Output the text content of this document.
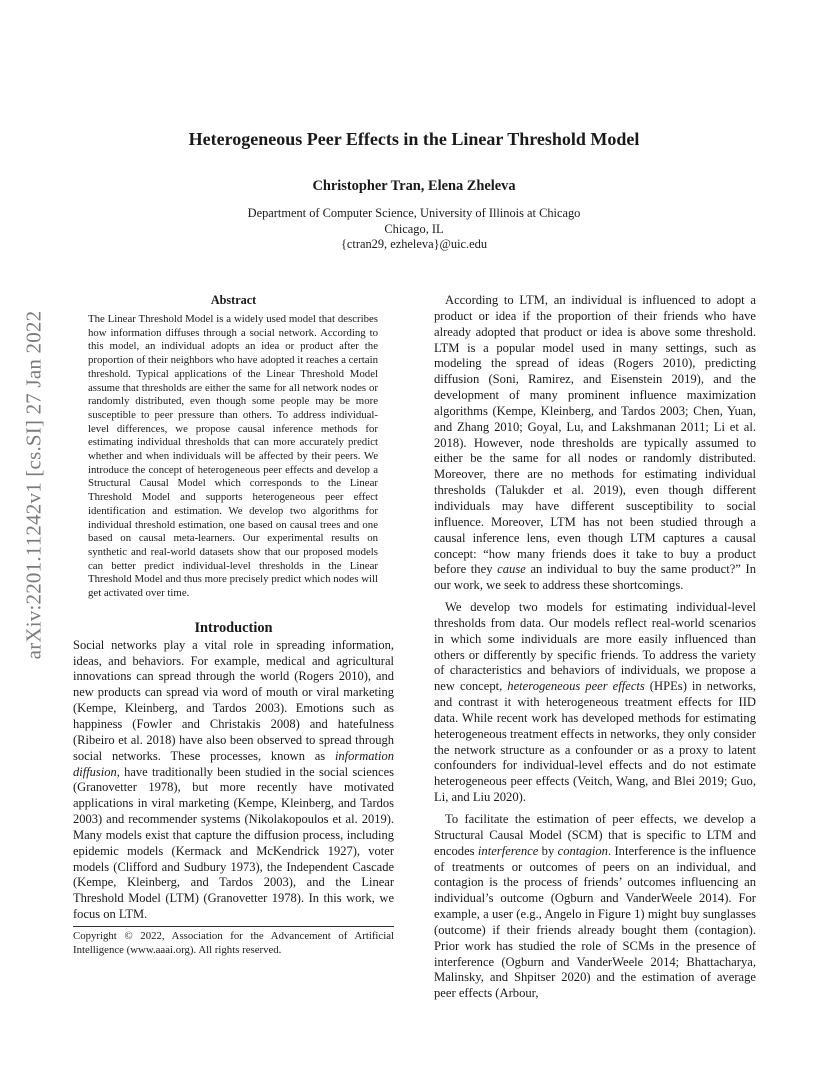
arXiv:2201.11242v1 [cs.SI] 27 Jan 2022
Heterogeneous Peer Effects in the Linear Threshold Model
Christopher Tran, Elena Zheleva
Department of Computer Science, University of Illinois at Chicago
Chicago, IL
{ctran29, ezheleva}@uic.edu
Abstract

The Linear Threshold Model is a widely used model that describes how information diffuses through a social network. According to this model, an individual adopts an idea or product after the proportion of their neighbors who have adopted it reaches a certain threshold. Typical applications of the Linear Threshold Model assume that thresholds are either the same for all network nodes or randomly distributed, even though some people may be more susceptible to peer pressure than others. To address individual-level differences, we propose causal inference methods for estimating individual thresholds that can more accurately predict whether and when individuals will be affected by their peers. We introduce the concept of heterogeneous peer effects and develop a Structural Causal Model which corresponds to the Linear Threshold Model and supports heterogeneous peer effect identification and estimation. We develop two algorithms for individual threshold estimation, one based on causal trees and one based on causal meta-learners. Our experimental results on synthetic and real-world datasets show that our proposed models can better predict individual-level thresholds in the Linear Threshold Model and thus more precisely predict which nodes will get activated over time.

Introduction

Social networks play a vital role in spreading information, ideas, and behaviors. For example, medical and agricultural innovations can spread through the world (Rogers 2010), and new products can spread via word of mouth or viral marketing (Kempe, Kleinberg, and Tardos 2003). Emotions such as happiness (Fowler and Christakis 2008) and hatefulness (Ribeiro et al. 2018) have also been observed to spread through social networks. These processes, known as information diffusion, have traditionally been studied in the social sciences (Granovetter 1978), but more recently have motivated applications in viral marketing (Kempe, Kleinberg, and Tardos 2003) and recommender systems (Nikolakopoulos et al. 2019). Many models exist that capture the diffusion process, including epidemic models (Kermack and McKendrick 1927), voter models (Clifford and Sudbury 1973), the Independent Cascade (Kempe, Kleinberg, and Tardos 2003), and the Linear Threshold Model (LTM) (Granovetter 1978). In this work, we focus on LTM.

Copyright © 2022, Association for the Advancement of Artificial Intelligence (www.aaai.org). All rights reserved.

According to LTM, an individual is influenced to adopt a product or idea if the proportion of their friends who have already adopted that product or idea is above some threshold. LTM is a popular model used in many settings, such as modeling the spread of ideas (Rogers 2010), predicting diffusion (Soni, Ramirez, and Eisenstein 2019), and the development of many prominent influence maximization algorithms (Kempe, Kleinberg, and Tardos 2003; Chen, Yuan, and Zhang 2010; Goyal, Lu, and Lakshmanan 2011; Li et al. 2018). However, node thresholds are typically assumed to either be the same for all nodes or randomly distributed. Moreover, there are no methods for estimating individual thresholds (Talukder et al. 2019), even though different individuals may have different susceptibility to social influence. Moreover, LTM has not been studied through a causal inference lens, even though LTM captures a causal concept: “how many friends does it take to buy a product before they cause an individual to buy the same product?” In our work, we seek to address these shortcomings.

We develop two models for estimating individual-level thresholds from data. Our models reflect real-world scenarios in which some individuals are more easily influenced than others or differently by specific friends. To address the variety of characteristics and behaviors of individuals, we propose a new concept, heterogeneous peer effects (HPEs) in networks, and contrast it with heterogeneous treatment effects for IID data. While recent work has developed methods for estimating heterogeneous treatment effects in networks, they only consider the network structure as a confounder or as a proxy to latent confounders for individual-level effects and do not estimate heterogeneous peer effects (Veitch, Wang, and Blei 2019; Guo, Li, and Liu 2020).

To facilitate the estimation of peer effects, we develop a Structural Causal Model (SCM) that is specific to LTM and encodes interference by contagion. Interference is the influence of treatments or outcomes of peers on an individual, and contagion is the process of friends’ outcomes influencing an individual’s outcome (Ogburn and VanderWeele 2014). For example, a user (e.g., Angelo in Figure 1) might buy sunglasses (outcome) if their friends already bought them (contagion). Prior work has studied the role of SCMs in the presence of interference (Ogburn and VanderWeele 2014; Bhattacharya, Malinsky, and Shpitser 2020) and the estimation of average peer effects (Arbour,
